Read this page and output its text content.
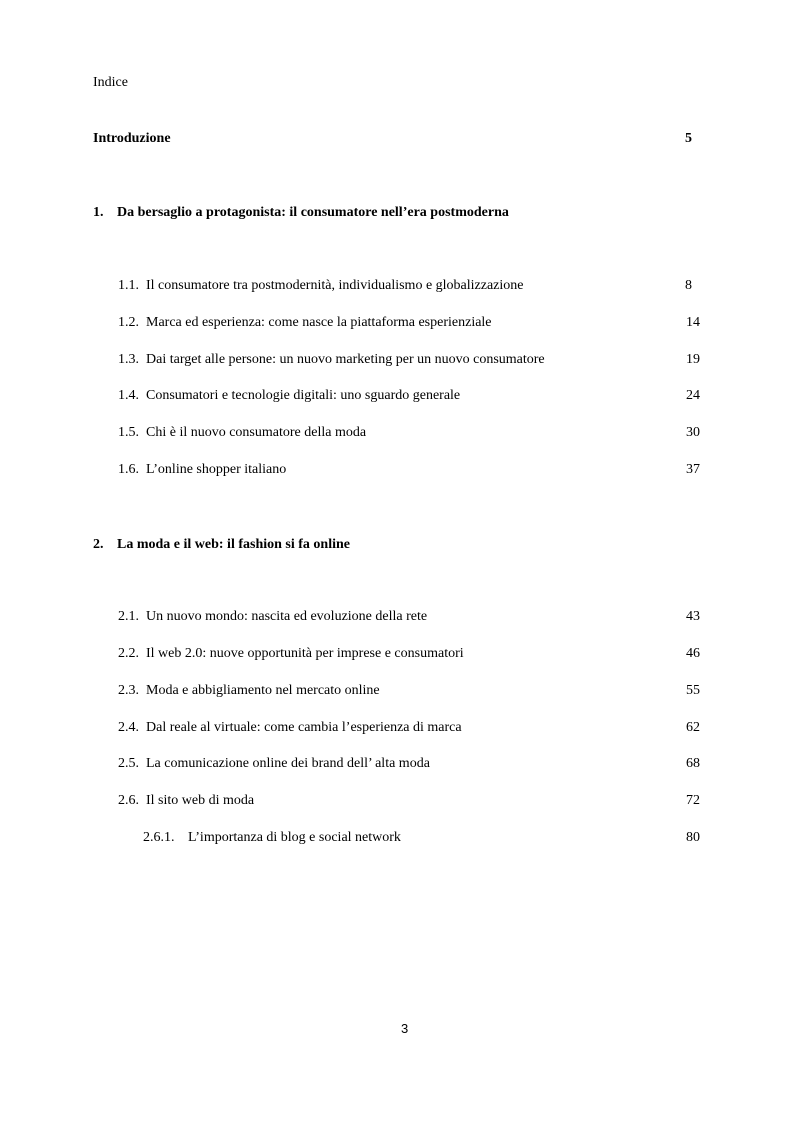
Indice
Introduzione	5
1. Da bersaglio a protagonista: il consumatore nell’era postmoderna
1.1. Il consumatore tra postmodernità, individualismo e globalizzazione	8
1.2. Marca ed esperienza: come nasce la piattaforma esperienziale	14
1.3. Dai target alle persone: un nuovo marketing per un nuovo consumatore	19
1.4. Consumatori e tecnologie digitali: uno sguardo generale	24
1.5. Chi è il nuovo consumatore della moda	30
1.6. L’online shopper italiano	37
2. La moda e il web: il fashion si fa online
2.1. Un nuovo mondo: nascita ed evoluzione della rete	43
2.2. Il web 2.0: nuove opportunità per imprese e consumatori	46
2.3. Moda e abbigliamento nel mercato online	55
2.4. Dal reale al virtuale: come cambia l’esperienza di marca	62
2.5. La comunicazione online dei brand dell’ alta moda	68
2.6. Il sito web di moda	72
2.6.1. L’importanza di blog e social network	80
3
